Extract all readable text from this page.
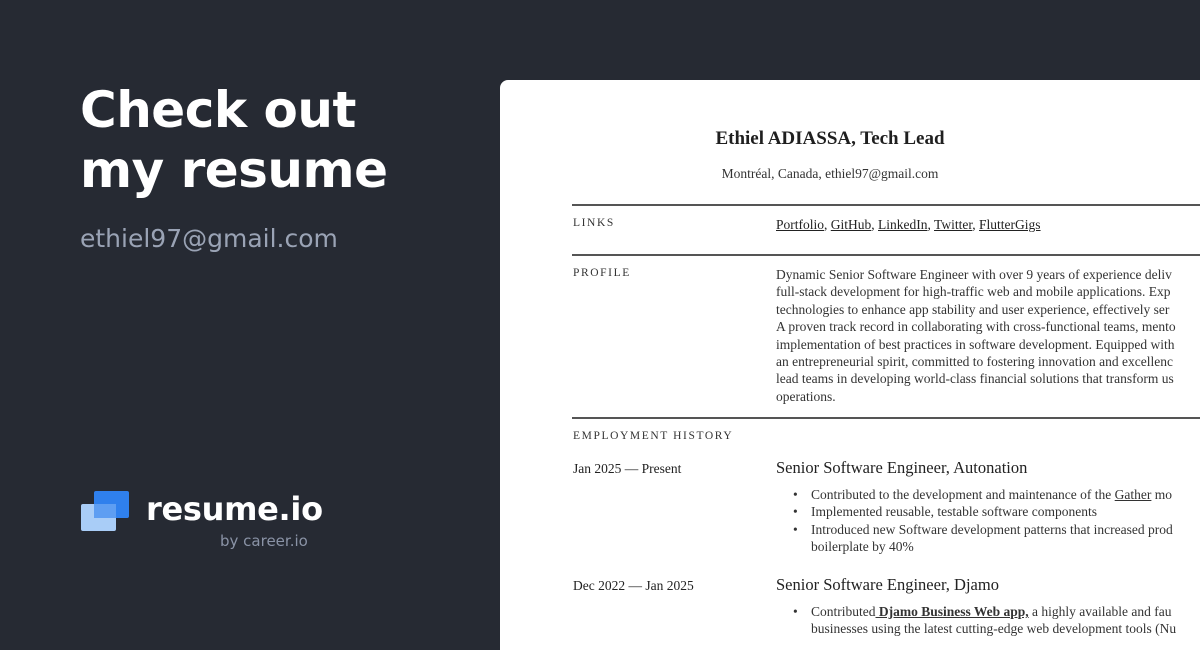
Check out
my resume
ethiel97@gmail.com
resume.io
by career.io
Ethiel ADIASSA, Tech Lead
Montréal, Canada, ethiel97@gmail.com
LINKS	Portfolio, GitHub, LinkedIn, Twitter, FlutterGigs
PROFILE	Dynamic Senior Software Engineer with over 9 years of experience deliv
full-stack development for high-traffic web and mobile applications. Exp
technologies to enhance app stability and user experience, effectively ser
A proven track record in collaborating with cross-functional teams, mento
implementation of best practices in software development. Equipped with
an entrepreneurial spirit, committed to fostering innovation and excellenc
lead teams in developing world-class financial solutions that transform us
operations.
EMPLOYMENT HISTORY
Jan 2025 — Present	Senior Software Engineer, Autonation
• Contributed to the development and maintenance of the Gather mo
• Implemented reusable, testable software components
• Introduced new Software development patterns that increased prod
boilerplate by 40%
Dec 2022 — Jan 2025	Senior Software Engineer, Djamo
• Contributed Djamo Business Web app, a highly available and fau
businesses using the latest cutting-edge web development tools (Nu
